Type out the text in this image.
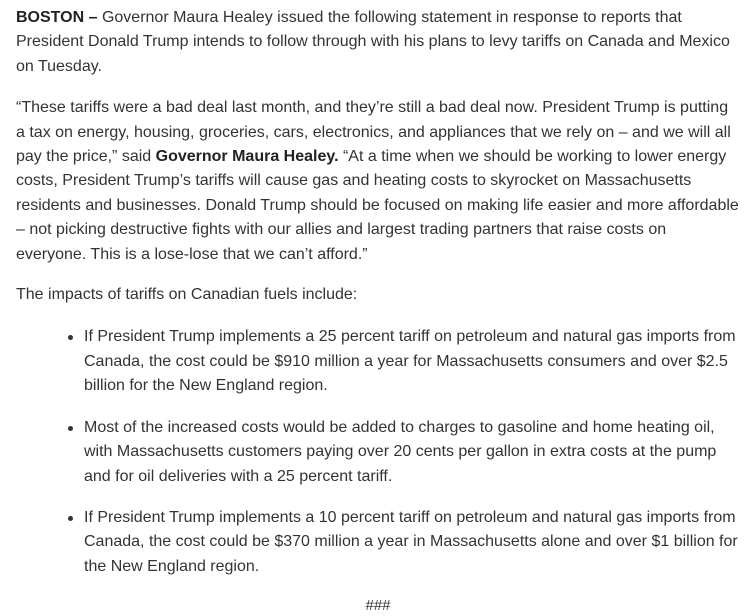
BOSTON – Governor Maura Healey issued the following statement in response to reports that President Donald Trump intends to follow through with his plans to levy tariffs on Canada and Mexico on Tuesday.

“These tariffs were a bad deal last month, and they’re still a bad deal now. President Trump is putting a tax on energy, housing, groceries, cars, electronics, and appliances that we rely on – and we will all pay the price,” said Governor Maura Healey. “At a time when we should be working to lower energy costs, President Trump’s tariffs will cause gas and heating costs to skyrocket on Massachusetts residents and businesses. Donald Trump should be focused on making life easier and more affordable – not picking destructive fights with our allies and largest trading partners that raise costs on everyone. This is a lose-lose that we can’t afford.”

The impacts of tariffs on Canadian fuels include:

If President Trump implements a 25 percent tariff on petroleum and natural gas imports from Canada, the cost could be $910 million a year for Massachusetts consumers and over $2.5 billion for the New England region.
Most of the increased costs would be added to charges to gasoline and home heating oil, with Massachusetts customers paying over 20 cents per gallon in extra costs at the pump and for oil deliveries with a 25 percent tariff.
If President Trump implements a 10 percent tariff on petroleum and natural gas imports from Canada, the cost could be $370 million a year in Massachusetts alone and over $1 billion for the New England region.
###
